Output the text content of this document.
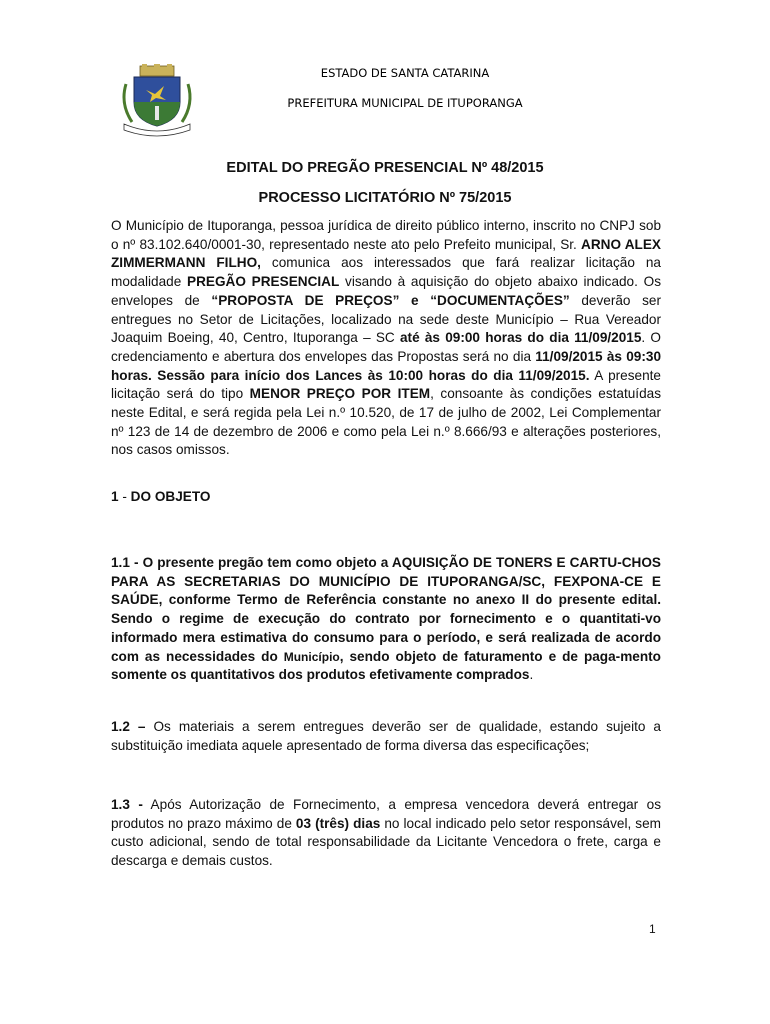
ESTADO DE SANTA CATARINA
PREFEITURA MUNICIPAL DE ITUPORANGA
EDITAL DO PREGÃO PRESENCIAL Nº 48/2015
PROCESSO LICITATÓRIO Nº 75/2015

O Município de Ituporanga, pessoa jurídica de direito público interno, inscrito no CNPJ sob o nº 83.102.640/0001-30, representado neste ato pelo Prefeito municipal, Sr. ARNO ALEX ZIMMERMANN FILHO, comunica aos interessados que fará realizar licitação na modalidade PREGÃO PRESENCIAL visando à aquisição do objeto abaixo indicado. Os envelopes de “PROPOSTA DE PREÇOS” e “DOCUMENTAÇÕES” deverão ser entregues no Setor de Licitações, localizado na sede deste Município – Rua Vereador Joaquim Boeing, 40, Centro, Ituporanga – SC até às 09:00 horas do dia 11/09/2015. O credenciamento e abertura dos envelopes das Propostas será no dia 11/09/2015 às 09:30 horas. Sessão para início dos Lances às 10:00 horas do dia 11/09/2015. A presente licitação será do tipo MENOR PREÇO POR ITEM, consoante às condições estatuídas neste Edital, e será regida pela Lei n.º 10.520, de 17 de julho de 2002, Lei Complementar nº 123 de 14 de dezembro de 2006 e como pela Lei n.º 8.666/93 e alterações posteriores, nos casos omissos.

1 - DO OBJETO

1.1 - O presente pregão tem como objeto a AQUISIÇÃO DE TONERS E CARTU-CHOS PARA AS SECRETARIAS DO MUNICÍPIO DE ITUPORANGA/SC, FEXPONA-CE E SAÚDE, conforme Termo de Referência constante no anexo II do presente edital. Sendo o regime de execução do contrato por fornecimento e o quantitati-vo informado mera estimativa do consumo para o período, e será realizada de acordo com as necessidades do Município, sendo objeto de faturamento e de paga-mento somente os quantitativos dos produtos efetivamente comprados.

1.2 – Os materiais a serem entregues deverão ser de qualidade, estando sujeito a substituição imediata aquele apresentado de forma diversa das especificações;

1.3 - Após Autorização de Fornecimento, a empresa vencedora deverá entregar os produtos no prazo máximo de 03 (três) dias no local indicado pelo setor responsável, sem custo adicional, sendo de total responsabilidade da Licitante Vencedora o frete, carga e descarga e demais custos.

1
